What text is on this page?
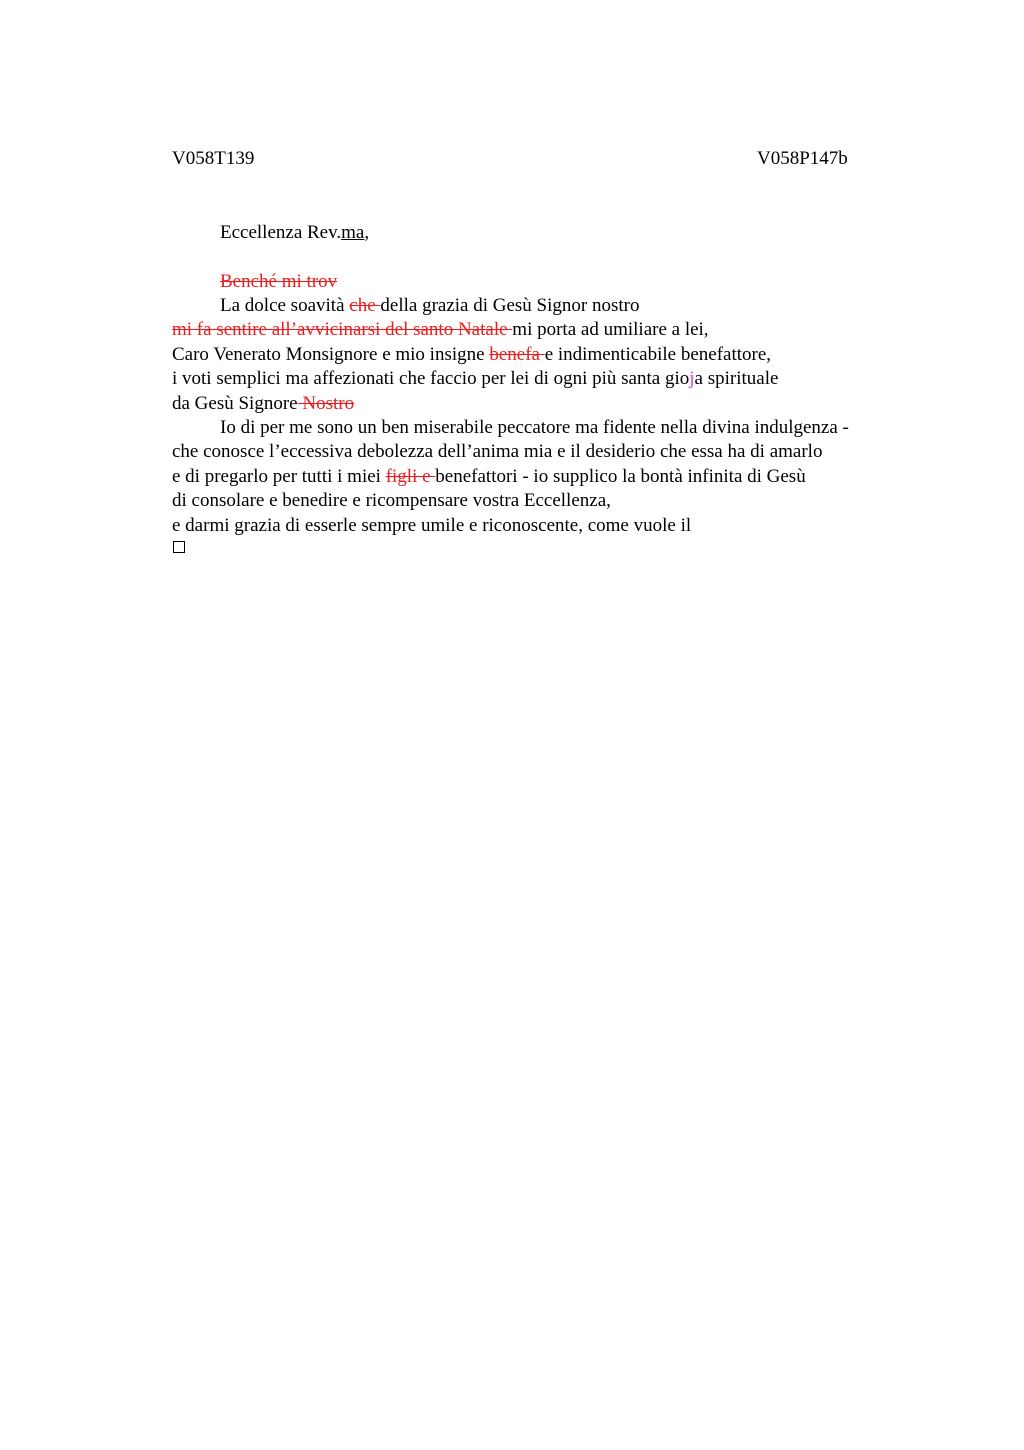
V058T139	V058P147b
Eccellenza Rev.ma,
Benché mi trov
La dolce soavità che della grazia di Gesù Signor nostro
mi fa sentire all’avvicinarsi del santo Natale mi porta ad umiliare a lei,
Caro Venerato Monsignore e mio insigne benefa e indimenticabile benefattore,
i voti semplici ma affezionati che faccio per lei di ogni più santa gioja spirituale
da Gesù Signore Nostro
Io di per me sono un ben miserabile peccatore ma fidente nella divina indulgenza -
che conosce l’eccessiva debolezza dell’anima mia e il desiderio che essa ha di amarlo
e di pregarlo per tutti i miei figli e benefattori - io supplico la bontà infinita di Gesù
di consolare e benedire e ricompensare vostra Eccellenza,
e darmi grazia di esserle sempre umile e riconoscente, come vuole il
